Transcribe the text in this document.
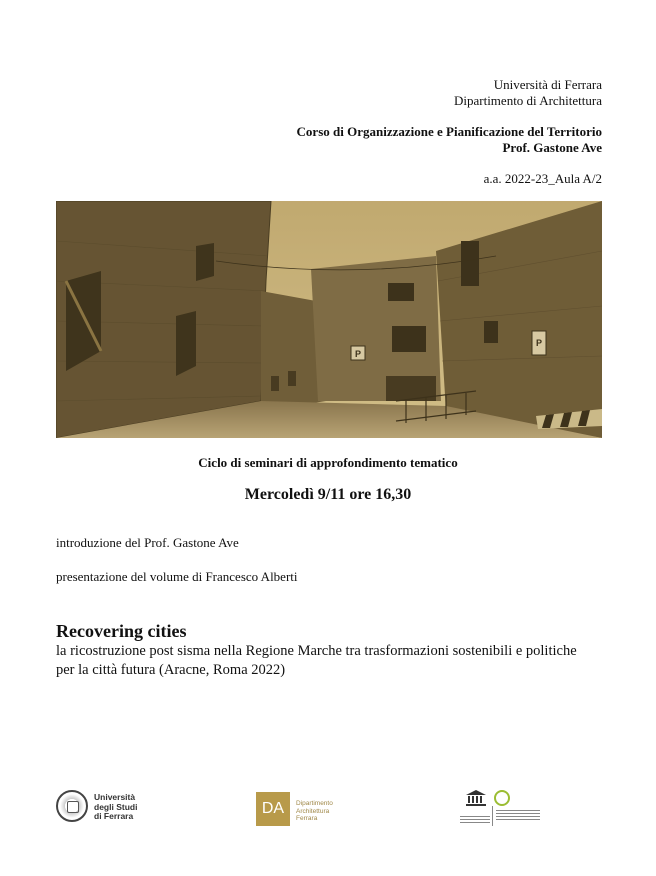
Università di Ferrara
Dipartimento di Architettura
Corso di Organizzazione e Pianificazione del Territorio
Prof. Gastone Ave
a.a. 2022-23_Aula A/2
P
P
Ciclo di seminari di approfondimento tematico
Mercoledì 9/11 ore 16,30
introduzione del Prof. Gastone Ave
presentazione del volume di Francesco Alberti
Recovering cities
la ricostruzione post sisma nella Regione Marche tra trasformazioni sostenibili e politiche per la città futura (Aracne, Roma 2022)
Università
degli Studi
di Ferrara	DA	Dipartimento
Architettura
Ferrara
